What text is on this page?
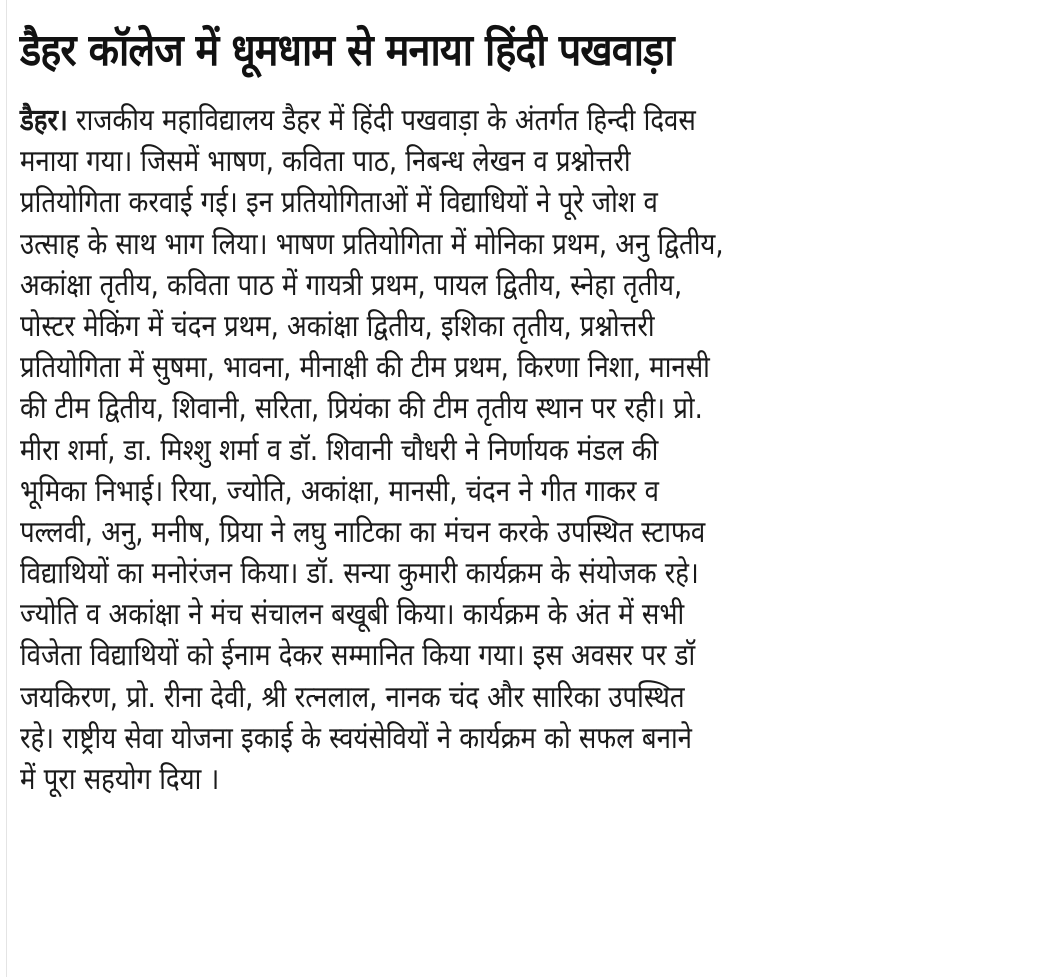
डैहर कॉलेज में धूमधाम से मनाया हिंदी पखवाड़ा
डैहर। राजकीय महाविद्यालय डैहर में हिंदी पखवाड़ा के अंतर्गत हिन्दी दिवस
मनाया गया। जिसमें भाषण, कविता पाठ, निबन्ध लेखन व प्रश्नोत्तरी
प्रतियोगिता करवाई गई। इन प्रतियोगिताओं में विद्याधियों ने पूरे जोश व
उत्साह के साथ भाग लिया। भाषण प्रतियोगिता में मोनिका प्रथम, अनु द्वितीय,
अकांक्षा तृतीय, कविता पाठ में गायत्री प्रथम, पायल द्वितीय, स्नेहा तृतीय,
पोस्टर मेकिंग में चंदन प्रथम, अकांक्षा द्वितीय, इशिका तृतीय, प्रश्नोत्तरी
प्रतियोगिता में सुषमा, भावना, मीनाक्षी की टीम प्रथम, किरणा निशा, मानसी
की टीम द्वितीय, शिवानी, सरिता, प्रियंका की टीम तृतीय स्थान पर रही। प्रो.
मीरा शर्मा, डा. मिश्शु शर्मा व डॉ. शिवानी चौधरी ने निर्णायक मंडल की
भूमिका निभाई। रिया, ज्योति, अकांक्षा, मानसी, चंदन ने गीत गाकर व
पल्लवी, अनु, मनीष, प्रिया ने लघु नाटिका का मंचन करके उपस्थित स्टाफव
विद्याथियों का मनोरंजन किया। डॉ. सन्या कुमारी कार्यक्रम के संयोजक रहे।
ज्योति व अकांक्षा ने मंच संचालन बखूबी किया। कार्यक्रम के अंत में सभी
विजेता विद्याथियों को ईनाम देकर सम्मानित किया गया। इस अवसर पर डॉ
जयकिरण, प्रो. रीना देवी, श्री रत्नलाल, नानक चंद और सारिका उपस्थित
रहे। राष्ट्रीय सेवा योजना इकाई के स्वयंसेवियों ने कार्यक्रम को सफल बनाने
में पूरा सहयोग दिया ।
